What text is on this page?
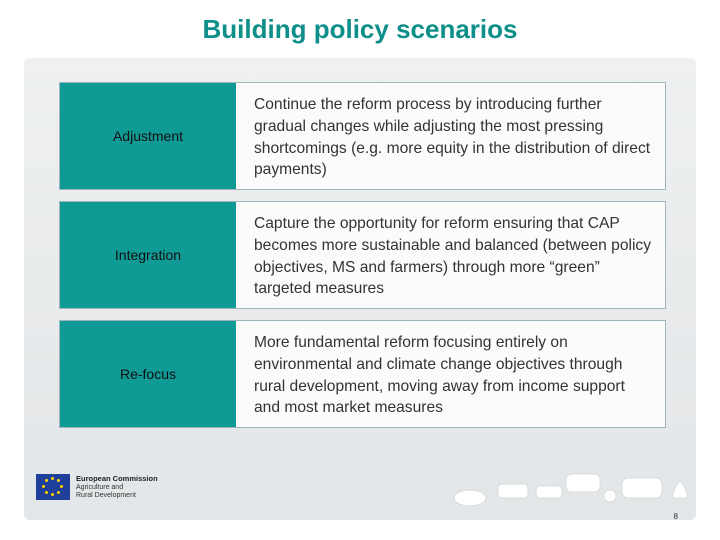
Building policy scenarios
Adjustment
Continue the reform process by introducing further gradual changes while adjusting the most pressing shortcomings (e.g. more equity in the distribution of direct payments)
Integration
Capture the opportunity for reform ensuring that CAP becomes more sustainable and balanced (between policy objectives, MS and farmers) through more “green” targeted measures
Re-focus
More fundamental reform focusing entirely on environmental and climate change objectives through rural development, moving away from income support and most market measures
European Commission
Agriculture and
Rural Development
8
